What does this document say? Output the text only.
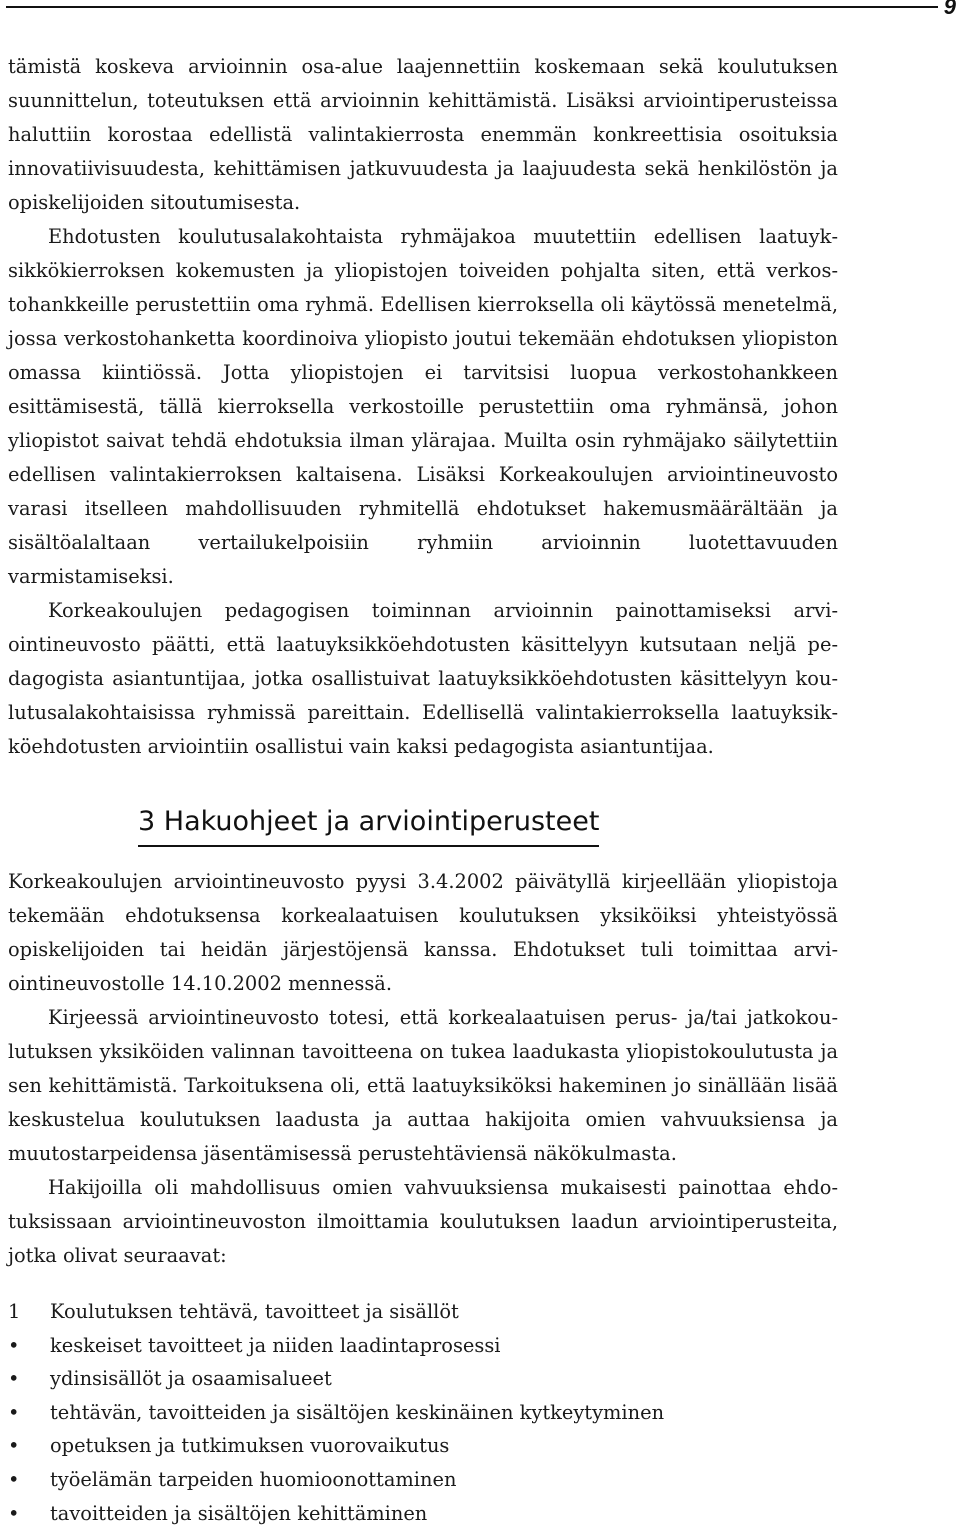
9

tämistä koskeva arvioinnin osa-alue laajennettiin koskemaan sekä koulutuksen suunnittelun, toteutuksen että arvioinnin kehittämistä. Lisäksi arviointiperusteissa haluttiin korostaa edellistä valintakierrosta enemmän konkreettisia osoituksia innovatiivisuudesta, kehittämisen jatkuvuudesta ja laajuudesta sekä henkilöstön ja opiskelijoiden sitoutumisesta.

Ehdotusten koulutusalakohtaista ryhmäjakoa muutettiin edellisen laatuyksikkökierroksen kokemusten ja yliopistojen toiveiden pohjalta siten, että verkostohankkeille perustettiin oma ryhmä. Edellisen kierroksella oli käytössä menetelmä, jossa verkostohanketta koordinoiva yliopisto joutui tekemään ehdotuksen yliopiston omassa kiintiössä. Jotta yliopistojen ei tarvitsisi luopua verkostohankkeen esittämisestä, tällä kierroksella verkostoille perustettiin oma ryhmänsä, johon yliopistot saivat tehdä ehdotuksia ilman ylärajaa. Muilta osin ryhmäjako säilytettiin edellisen valintakierroksen kaltaisena. Lisäksi Korkeakoulujen arviointineuvosto varasi itselleen mahdollisuuden ryhmitellä ehdotukset hakemusmäärältään ja sisältöalaltaan vertailukelpoisiin ryhmiin arvioinnin luotettavuuden varmistamiseksi.

Korkeakoulujen pedagogisen toiminnan arvioinnin painottamiseksi arviointineuvosto päätti, että laatuyksikköehdotusten käsittelyyn kutsutaan neljä pedagogista asiantuntijaa, jotka osallistuivat laatuyksikköehdotusten käsittelyyn koulutusalakohtaisissa ryhmissä pareittain. Edellisellä valintakierroksella laatuyksikköehdotusten arviointiin osallistui vain kaksi pedagogista asiantuntijaa.

3 Hakuohjeet ja arviointiperusteet

Korkeakoulujen arviointineuvosto pyysi 3.4.2002 päivätyllä kirjeellään yliopistoja tekemään ehdotuksensa korkealaatuisen koulutuksen yksiköiksi yhteistyössä opiskelijoiden tai heidän järjestöjensä kanssa. Ehdotukset tuli toimittaa arviointineuvostolle 14.10.2002 mennessä.

Kirjeessä arviointineuvosto totesi, että korkealaatuisen perus- ja/tai jatkokoulutuksen yksiköiden valinnan tavoitteena on tukea laadukasta yliopistokoulutusta ja sen kehittämistä. Tarkoituksena oli, että laatuyksiköksi hakeminen jo sinällään lisää keskustelua koulutuksen laadusta ja auttaa hakijoita omien vahvuuksiensa ja muutostarpeidensa jäsentämisessä perustehtäviensä näkökulmasta.

Hakijoilla oli mahdollisuus omien vahvuuksiensa mukaisesti painottaa ehdotuksissaan arviointineuvoston ilmoittamia koulutuksen laadun arviointiperusteita, jotka olivat seuraavat:

1	Koulutuksen tehtävä, tavoitteet ja sisällöt
•	keskeiset tavoitteet ja niiden laadintaprosessi
•	ydinsisällöt ja osaamisalueet
•	tehtävän, tavoitteiden ja sisältöjen keskinäinen kytkeytyminen
•	opetuksen ja tutkimuksen vuorovaikutus
•	työelämän tarpeiden huomioonottaminen
•	tavoitteiden ja sisältöjen kehittäminen
